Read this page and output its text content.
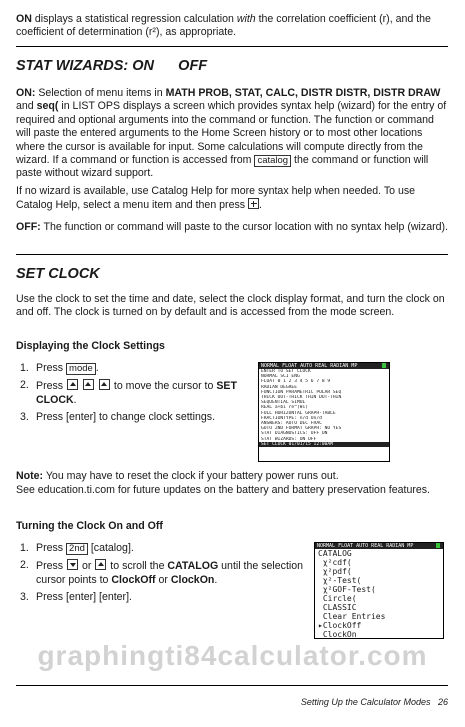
ON displays a statistical regression calculation with the correlation coefficient (r), and the coefficient of determination (r²), as appropriate.
STAT WIZARDS: ON      OFF
ON: Selection of menu items in MATH PROB, STAT, CALC, DISTR DISTR, DISTR DRAW and seq( in LIST OPS displays a screen which provides syntax help (wizard) for the entry of required and optional arguments into the command or function. The function or command will paste the entered arguments to the Home Screen history or to most other locations where the cursor is available for input. Some calculations will compute directly from the wizard. If a command or function is accessed from catalog the command or function will paste without wizard support.
If no wizard is available, use Catalog Help for more syntax help when needed. To use Catalog Help, select a menu item and then press .
OFF: The function or command will paste to the cursor location with no syntax help (wizard).
SET CLOCK
Use the clock to set the time and date, select the clock display format, and turn the clock on and off. The clock is turned on by default and is accessed from the mode screen.
Displaying the Clock Settings
1. Press mode .
2. Press	to move the cursor to SET CLOCK.
3. Press [enter] to change clock settings.
NORMAL FLOAT AUTO REAL RADIAN MP
ENTER TO SET CLOCK
NORMAL SCI ENG
FLOAT 0 1 2 3 4 5 6 7 8 9
RADIAN DEGREE
FUNCTION PARAMETRIC POLAR SEQ
THICK DOT-THICK THIN DOT-THIN
SEQUENTIAL SIMUL
REAL a+bi re^(θi)
FULL HORIZONTAL GRAPH-TABLE
FRACTIONTYPE: n/d Un/d
ANSWERS: AUTO DEC FRAC
GOTO 2ND FORMAT GRAPH: NO YES
STAT DIAGNOSTICS: OFF ON
STAT WIZARDS: ON OFF
SET CLOCK 01/01/15 12:00AM
Note: You may have to reset the clock if your battery power runs out.
See education.ti.com for future updates on the battery and battery preservation features.
Turning the Clock On and Off
1. Press 2nd [catalog].
2. Press  or  to scroll the CATALOG until the selection cursor points to ClockOff or ClockOn.
3. Press [enter] [enter].
NORMAL FLOAT AUTO REAL RADIAN MP
CATALOG
χ²cdf(
χ²pdf(
χ²-Test(
χ²GOF-Test(
Circle(
CLASSIC
Clear Entries
▸ClockOff
ClockOn
graphingti84calculator.com
Setting Up the Calculator Modes 26
